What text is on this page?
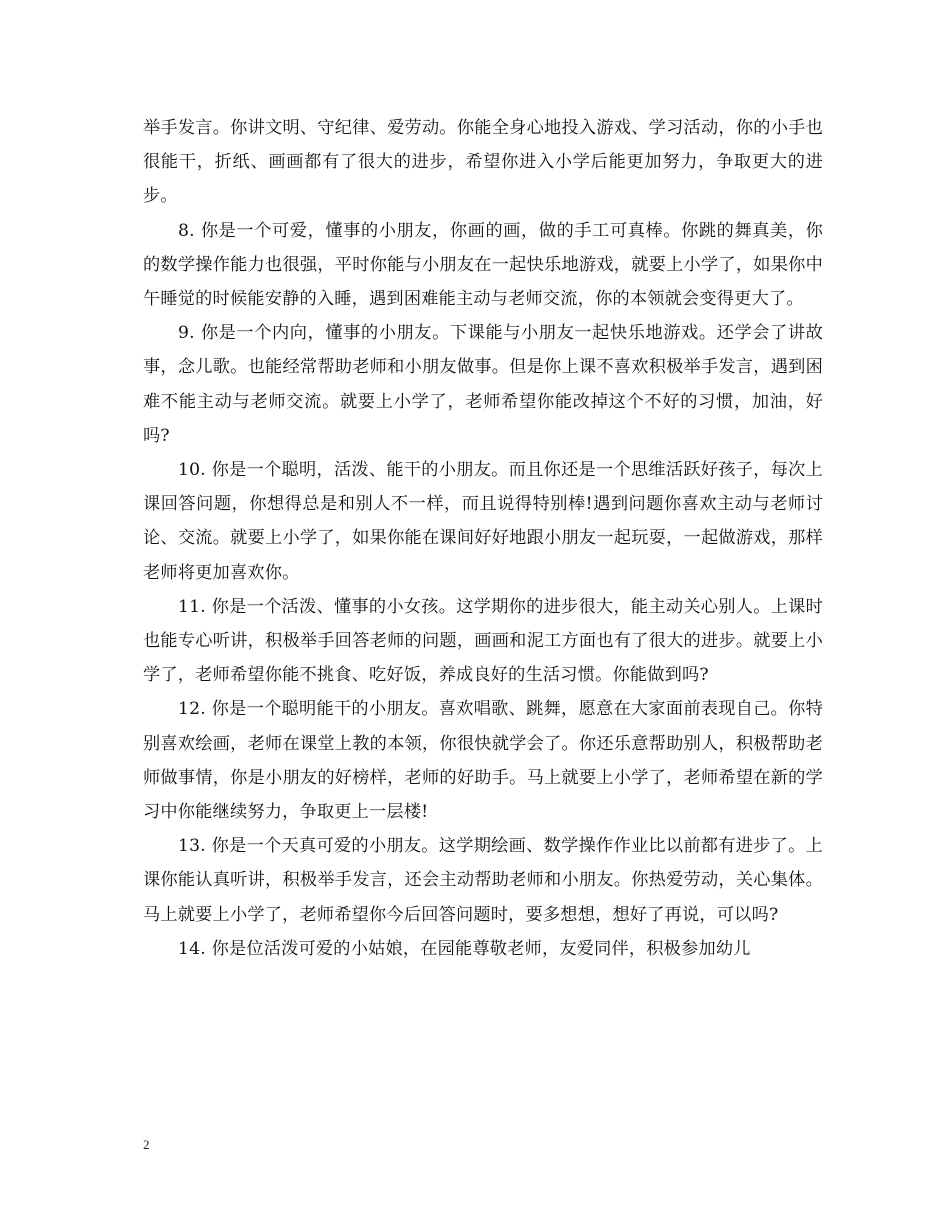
举手发言。你讲文明、守纪律、爱劳动。你能全身心地投入游戏、学习活动，你的小手也很能干，折纸、画画都有了很大的进步，希望你进入小学后能更加努力，争取更大的进步。

8. 你是一个可爱，懂事的小朋友，你画的画，做的手工可真棒。你跳的舞真美，你的数学操作能力也很强，平时你能与小朋友在一起快乐地游戏，就要上小学了，如果你中午睡觉的时候能安静的入睡，遇到困难能主动与老师交流，你的本领就会变得更大了。

9. 你是一个内向，懂事的小朋友。下课能与小朋友一起快乐地游戏。还学会了讲故事，念儿歌。也能经常帮助老师和小朋友做事。但是你上课不喜欢积极举手发言，遇到困难不能主动与老师交流。就要上小学了，老师希望你能改掉这个不好的习惯，加油，好吗?

10. 你是一个聪明，活泼、能干的小朋友。而且你还是一个思维活跃好孩子，每次上课回答问题，你想得总是和别人不一样，而且说得特别棒!遇到问题你喜欢主动与老师讨论、交流。就要上小学了，如果你能在课间好好地跟小朋友一起玩耍，一起做游戏，那样老师将更加喜欢你。

11. 你是一个活泼、懂事的小女孩。这学期你的进步很大，能主动关心别人。上课时也能专心听讲，积极举手回答老师的问题，画画和泥工方面也有了很大的进步。就要上小学了，老师希望你能不挑食、吃好饭，养成良好的生活习惯。你能做到吗?

12. 你是一个聪明能干的小朋友。喜欢唱歌、跳舞，愿意在大家面前表现自己。你特别喜欢绘画，老师在课堂上教的本领，你很快就学会了。你还乐意帮助别人，积极帮助老师做事情，你是小朋友的好榜样，老师的好助手。马上就要上小学了，老师希望在新的学习中你能继续努力，争取更上一层楼!

13. 你是一个天真可爱的小朋友。这学期绘画、数学操作作业比以前都有进步了。上课你能认真听讲，积极举手发言，还会主动帮助老师和小朋友。你热爱劳动，关心集体。马上就要上小学了，老师希望你今后回答问题时，要多想想，想好了再说，可以吗?

14. 你是位活泼可爱的小姑娘，在园能尊敬老师，友爱同伴，积极参加幼儿

2
